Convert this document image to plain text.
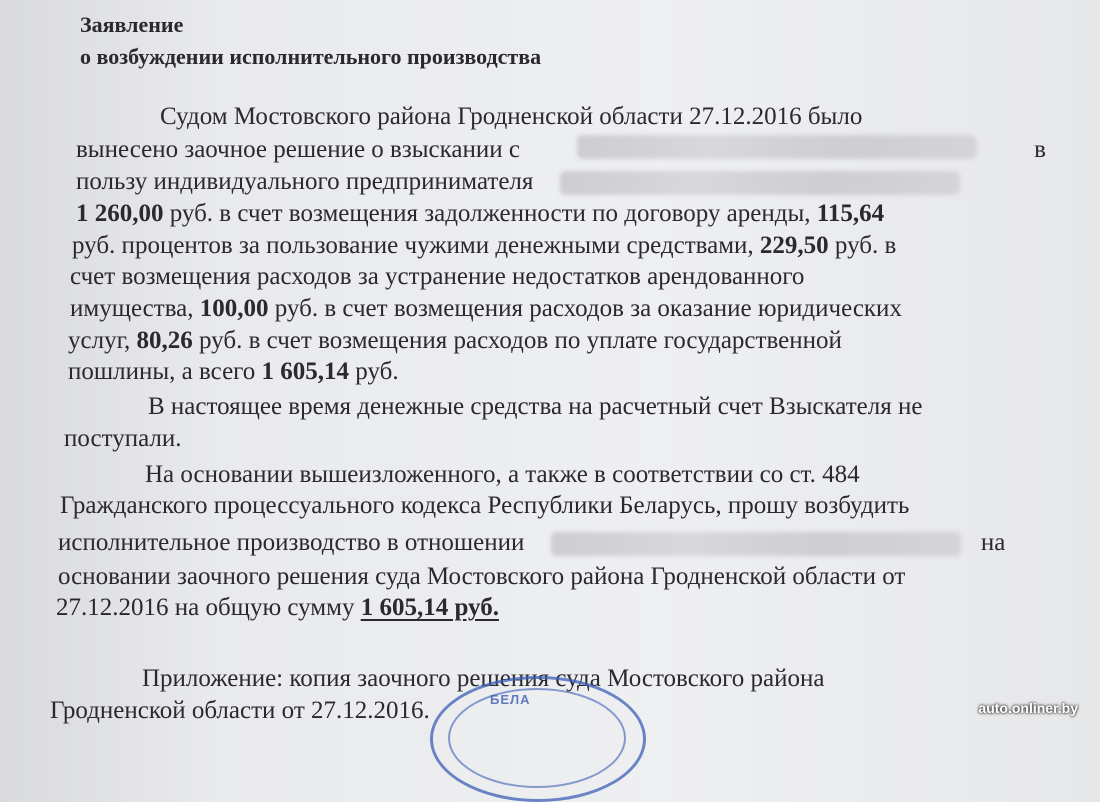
Заявление
о возбуждении исполнительного производства
Судом Мостовского района Гродненской области 27.12.2016 было
вынесено заочное решение о взыскании с	в
пользу индивидуального предпринимателя
1 260,00 руб. в счет возмещения задолженности по договору аренды, 115,64
руб. процентов за пользование чужими денежными средствами, 229,50 руб. в
счет возмещения расходов за устранение недостатков арендованного
имущества, 100,00 руб. в счет возмещения расходов за оказание юридических
услуг, 80,26 руб. в счет возмещения расходов по уплате государственной
пошлины, а всего 1 605,14 руб.
В настоящее время денежные средства на расчетный счет Взыскателя не
поступали.
На основании вышеизложенного, а также в соответствии со ст. 484
Гражданского процессуального кодекса Республики Беларусь, прошу возбудить
исполнительное производство в отношении	на
основании заочного решения суда Мостовского района Гродненской области от
27.12.2016 на общую сумму 1 605,14 руб.
Приложение: копия заочного решения суда Мостовского района
Гродненской области от 27.12.2016.	БЕЛА
auto.onliner.by
